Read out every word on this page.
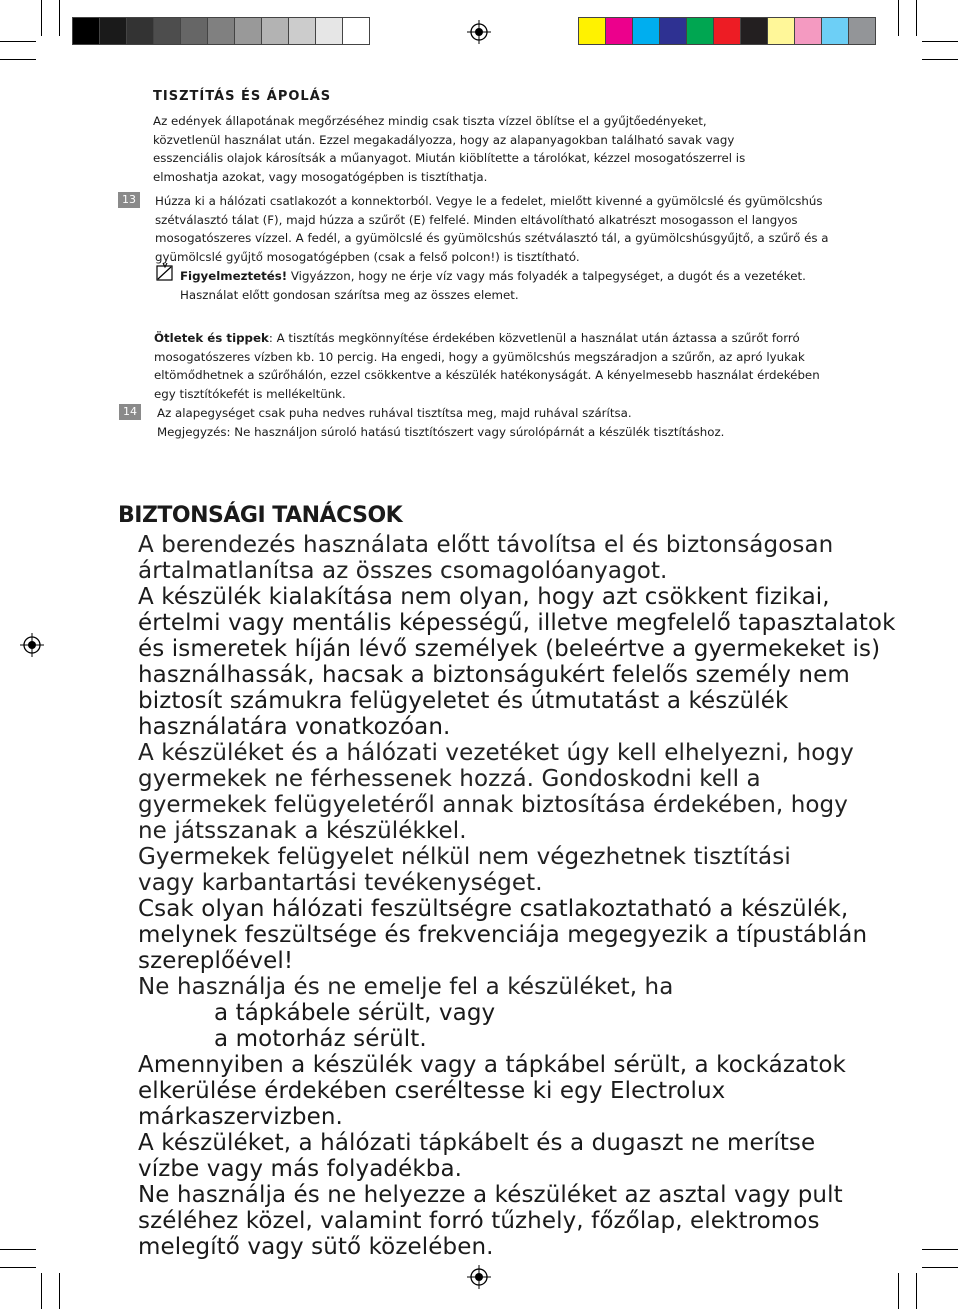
TISZTÍTÁS ÉS ÁPOLÁS

Az edények állapotának megőrzéséhez mindig csak tiszta vízzel öblítse el a gyűjtőedényeket,

közvetlenül használat után. Ezzel megakadályozza, hogy az alapanyagokban található savak vagy

esszenciális olajok károsítsák a műanyagot. Miután kiöblítette a tárolókat, kézzel mosogatószerrel is

elmoshatja azokat, vagy mosogatógépben is tisztíthatja.

13	Húzza ki a hálózati csatlakozót a konnektorból. Vegye le a fedelet, mielőtt kivenné a gyümölcslé és gyümölcshús

szétválasztó tálat (F), majd húzza a szűrőt (E) felfelé. Minden eltávolítható alkatrészt mosogasson el langyos

mosogatószeres vízzel. A fedél, a gyümölcslé és gyümölcshús szétválasztó tál, a gyümölcshúsgyűjtő, a szűrő és a

gyümölcslé gyűjtő mosogatógépben (csak a felső polcon!) is tisztítható.

Figyelmeztetés! Vigyázzon, hogy ne érje víz vagy más folyadék a talpegységet, a dugót és a vezetéket.

Használat előtt gondosan szárítsa meg az összes elemet.

Ötletek és tippek: A tisztítás megkönnyítése érdekében közvetlenül a használat után áztassa a szűrőt forró

mosogatószeres vízben kb. 10 percig. Ha engedi, hogy a gyümölcshús megszáradjon a szűrőn, az apró lyukak

eltömődhetnek a szűrőhálón, ezzel csökkentve a készülék hatékonyságát. A kényelmesebb használat érdekében

egy tisztítókefét is mellékeltünk.

14	Az alapegységet csak puha nedves ruhával tisztítsa meg, majd ruhával szárítsa.

Megjegyzés: Ne használjon súroló hatású tisztítószert vagy súrolópárnát a készülék tisztításhoz.

BIZTONSÁGI TANÁCSOK

A berendezés használata előtt távolítsa el és biztonságosan

ártalmatlanítsa az összes csomagolóanyagot.

A készülék kialakítása nem olyan, hogy azt csökkent fizikai,

értelmi vagy mentális képességű, illetve megfelelő tapasztalatok

és ismeretek híján lévő személyek (beleértve a gyermekeket is)

használhassák, hacsak a biztonságukért felelős személy nem

biztosít számukra felügyeletet és útmutatást a készülék

használatára vonatkozóan.

A készüléket és a hálózati vezetéket úgy kell elhelyezni, hogy

gyermekek ne férhessenek hozzá. Gondoskodni kell a

gyermekek felügyeletéről annak biztosítása érdekében, hogy

ne játsszanak a készülékkel.

Gyermekek felügyelet nélkül nem végezhetnek tisztítási

vagy karbantartási tevékenységet.

Csak olyan hálózati feszültségre csatlakoztatható a készülék,

melynek feszültsége és frekvenciája megegyezik a típustáblán

szereplőével!

Ne használja és ne emelje fel a készüléket, ha

a tápkábele sérült, vagy

a motorház sérült.

Amennyiben a készülék vagy a tápkábel sérült, a kockázatok

elkerülése érdekében cseréltesse ki egy Electrolux

márkaszervizben.

A készüléket, a hálózati tápkábelt és a dugaszt ne merítse

vízbe vagy más folyadékba.

Ne használja és ne helyezze a készüléket az asztal vagy pult

széléhez közel, valamint forró tűzhely, főzőlap, elektromos

melegítő vagy sütő közelében.
